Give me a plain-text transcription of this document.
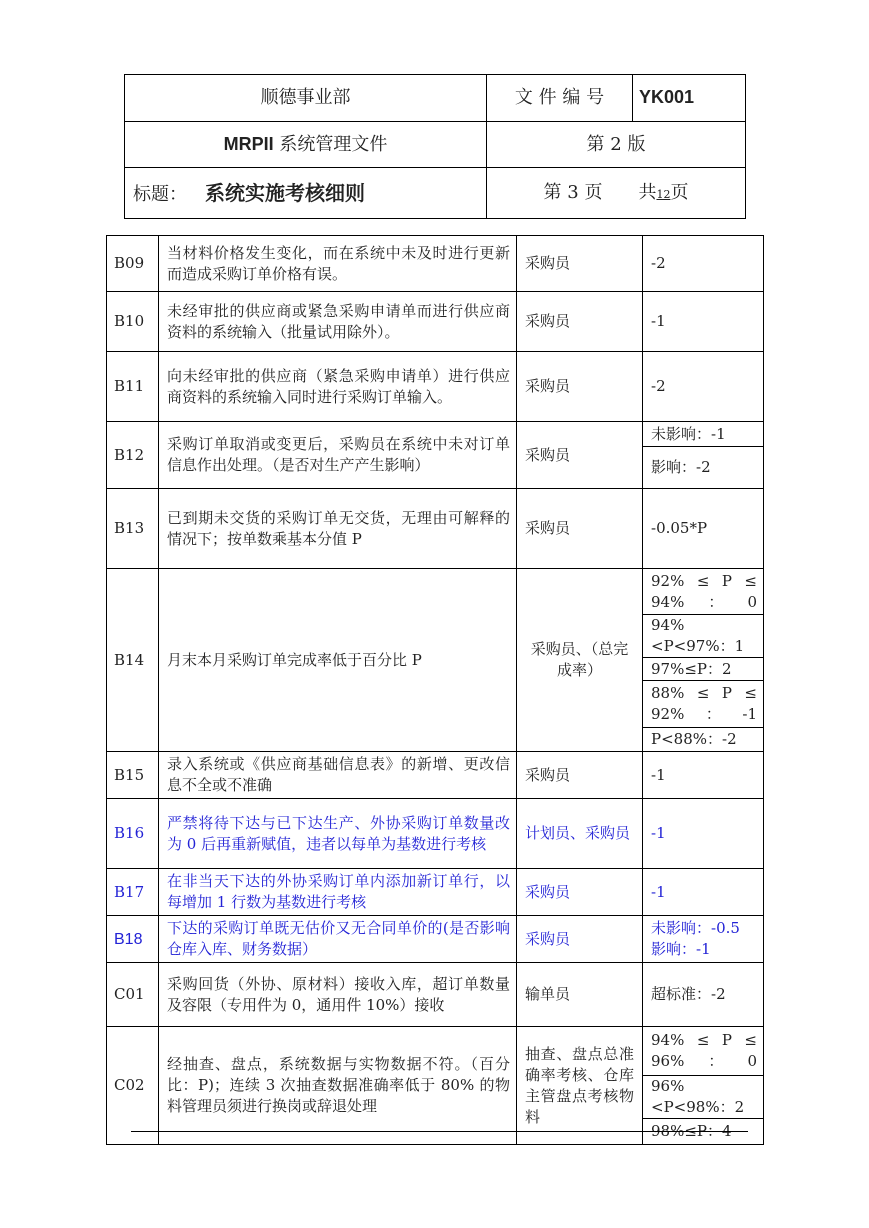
顺德事业部	文 件 编 号	YK001
MRPII 系统管理文件	第 2 版	
标题： 系统实施考核细则	第 3 页　　共12页	
B09	当材料价格发生变化，而在系统中未及时进行更新而造成采购订单价格有误。	采购员	-2
B10	未经审批的供应商或紧急采购申请单而进行供应商资料的系统输入（批量试用除外）。	采购员	-1
B11	向未经审批的供应商（紧急采购申请单）进行供应商资料的系统输入同时进行采购订单输入。	采购员	-2
B12	采购订单取消或变更后，采购员在系统中未对订单信息作出处理。（是否对生产产生影响）	采购员	未影响：-1
			影响：-2
B13	已到期未交货的采购订单无交货，无理由可解释的情况下；按单数乘基本分值 P	采购员	-0.05*P
B14	月末本月采购订单完成率低于百分比 P	采购员、（总完成率）	92% ≤ P ≤ 94%：0
			94%<P<97%：1
			97%≤P：2
			88% ≤ P ≤ 92%：-1
			P<88%：-2
B15	录入系统或《供应商基础信息表》的新增、更改信息不全或不准确	采购员	-1
B16	严禁将待下达与已下达生产、外协采购订单数量改为 0 后再重新赋值，违者以每单为基数进行考核	计划员、采购员	-1
B17	在非当天下达的外协采购订单内添加新订单行，以每增加 1 行数为基数进行考核	采购员	-1
B18	下达的采购订单既无估价又无合同单价的(是否影响仓库入库、财务数据）	采购员	未影响：-0.5
影响：-1

C01	采购回货（外协、原材料）接收入库，超订单数量及容限（专用件为 0，通用件 10%）接收	输单员	超标准：-2
C02	经抽查、盘点，系统数据与实物数据不符。（百分比：P)；连续 3 次抽查数据准确率低于 80% 的物料管理员须进行换岗或辞退处理	抽查、盘点总准确率考核、仓库主管盘点考核物料	94% ≤ P ≤ 96%：0
			96%<P<98%：2
			98%≤P：4
